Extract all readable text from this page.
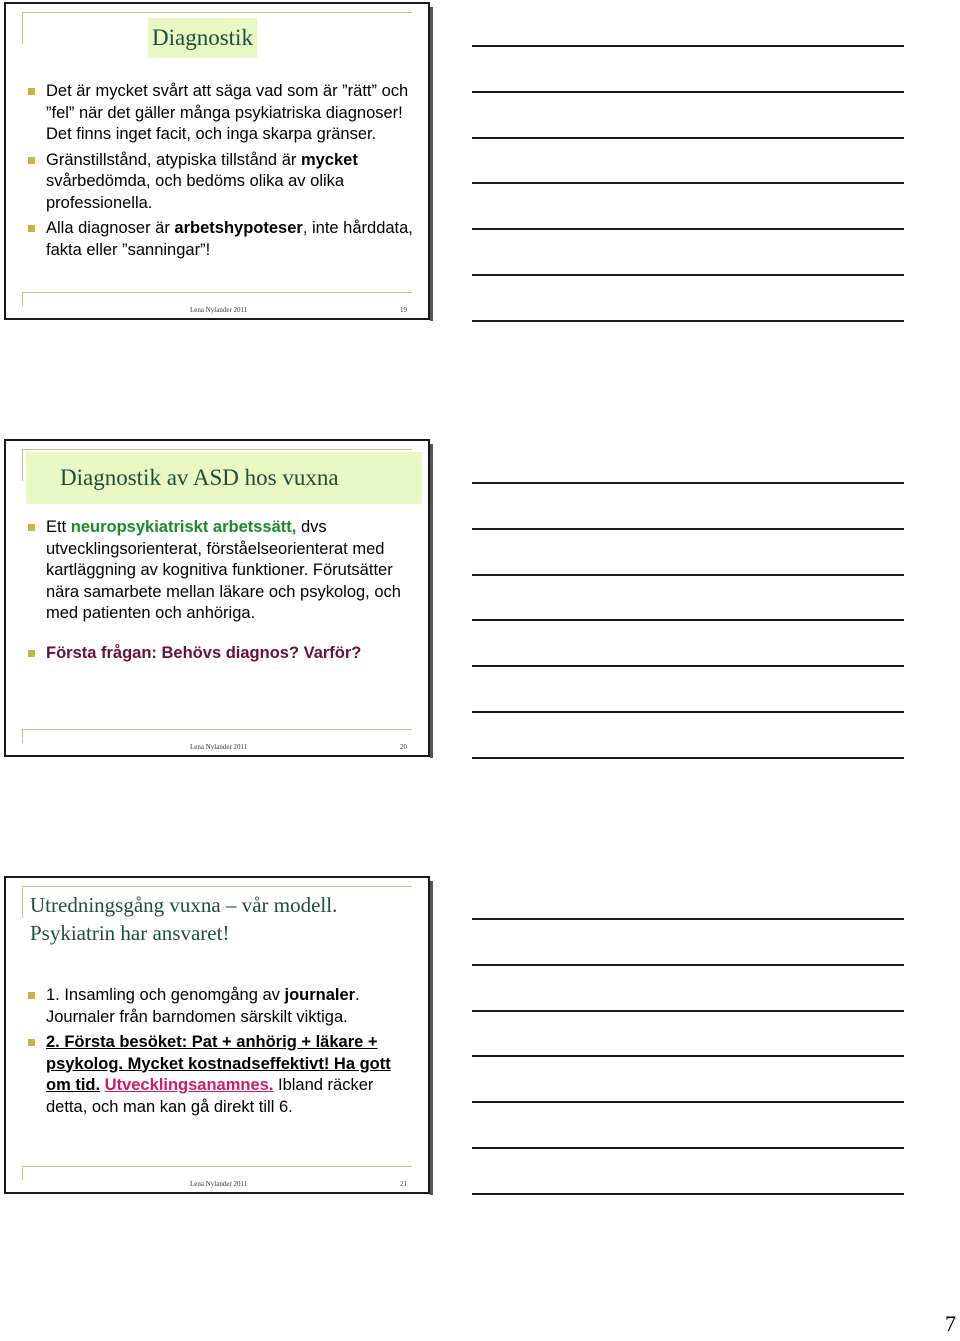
Diagnostik
Det är mycket svårt att säga vad som är ”rätt” och ”fel” när det gäller många psykiatriska diagnoser! Det finns inget facit, och inga skarpa gränser.
Gränstillstånd, atypiska tillstånd är mycket svårbedömda, och bedöms olika av olika professionella.
Alla diagnoser är arbetshypoteser, inte hårddata, fakta eller ”sanningar”!
Lena Nylander 2011	19
Diagnostik av ASD hos vuxna
Ett neuropsykiatriskt arbetssätt, dvs utvecklingsorienterat, förståelseorienterat med kartläggning av kognitiva funktioner. Förutsätter nära samarbete mellan läkare och psykolog, och med patienten och anhöriga.
Första frågan: Behövs diagnos? Varför?
Lena Nylander 2011	20
Utredningsgång vuxna – vår modell.
Psykiatrin har ansvaret!
1. Insamling och genomgång av journaler. Journaler från barndomen särskilt viktiga.
2. Första besöket: Pat + anhörig + läkare + psykolog. Mycket kostnadseffektivt! Ha gott om tid. Utvecklingsanamnes. Ibland räcker detta, och man kan gå direkt till 6.
Lena Nylander 2011	21
7
